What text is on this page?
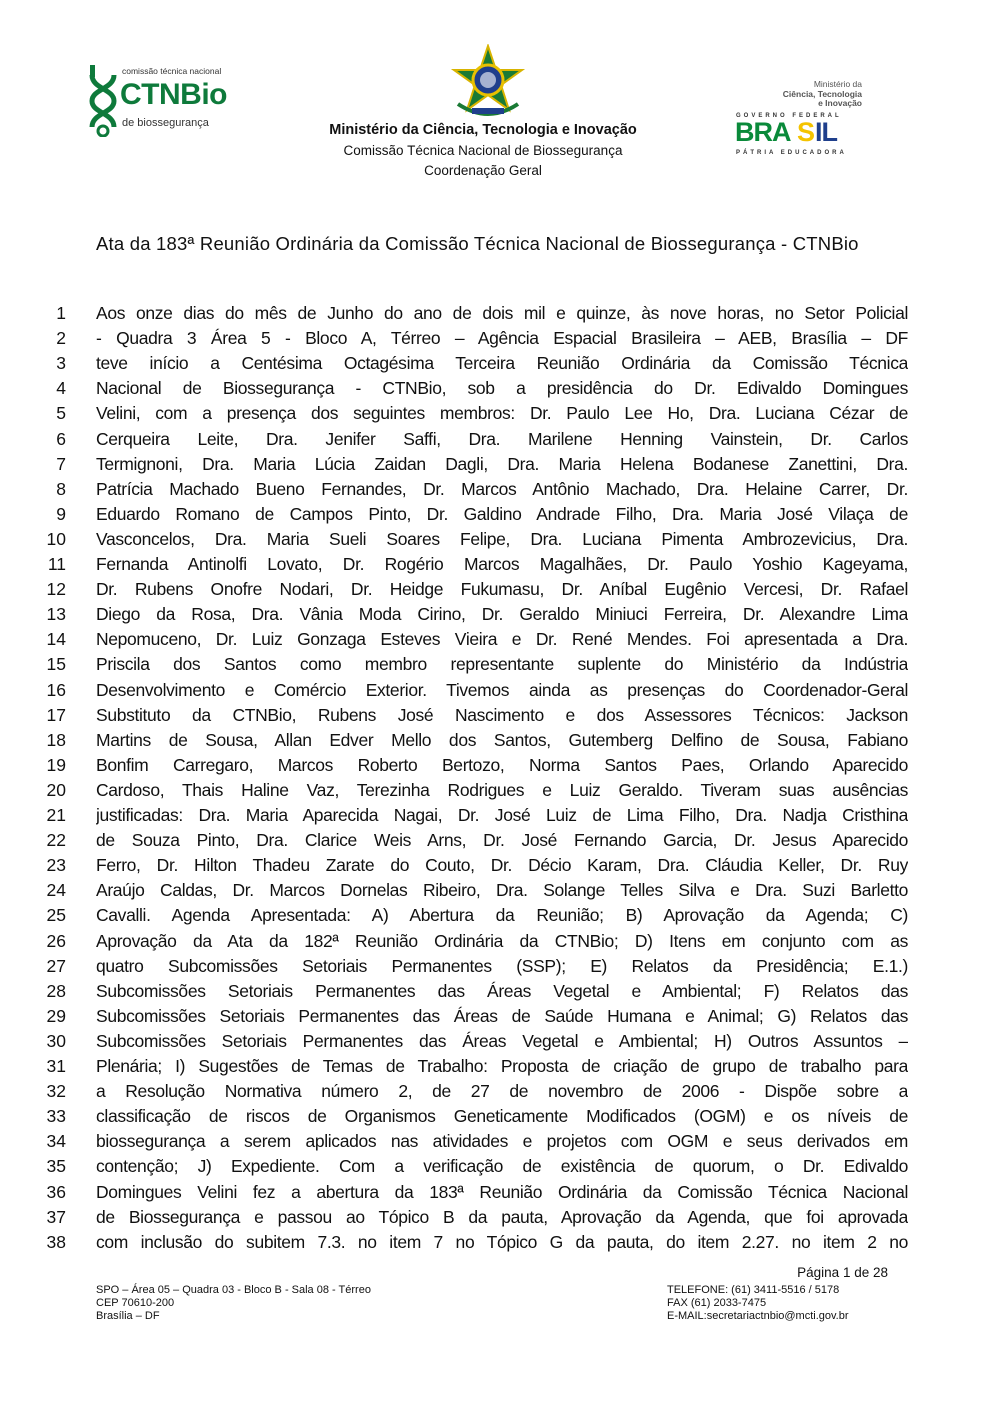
comissão técnica nacional
CTNBio
de biossegurança	Ministério da Ciência, Tecnologia e Inovação
Comissão Técnica Nacional de Biossegurança
Coordenação Geral
Ministério da
Ciência, Tecnologia
e Inovação
GOVERNO FEDERAL
BRA S IL
PÁTRIA EDUCADORA
Ata da 183ª Reunião Ordinária da Comissão Técnica Nacional de Biossegurança - CTNBio
1 Aos onze dias do mês de Junho do ano de dois mil e quinze, às nove horas, no Setor Policial
2 - Quadra 3 Área 5 - Bloco A, Térreo – Agência Espacial Brasileira – AEB, Brasília – DF
3 teve início a Centésima Octagésima Terceira Reunião Ordinária da Comissão Técnica
4 Nacional de Biossegurança - CTNBio, sob a presidência do Dr. Edivaldo Domingues
5 Velini, com a presença dos seguintes membros: Dr. Paulo Lee Ho, Dra. Luciana Cézar de
6 Cerqueira Leite, Dra. Jenifer Saffi, Dra. Marilene Henning Vainstein, Dr. Carlos
7 Termignoni, Dra. Maria Lúcia Zaidan Dagli, Dra. Maria Helena Bodanese Zanettini, Dra.
8 Patrícia Machado Bueno Fernandes, Dr. Marcos Antônio Machado, Dra. Helaine Carrer, Dr.
9 Eduardo Romano de Campos Pinto, Dr. Galdino Andrade Filho, Dra. Maria José Vilaça de
10 Vasconcelos, Dra. Maria Sueli Soares Felipe, Dra. Luciana Pimenta Ambrozevicius, Dra.
11 Fernanda Antinolfi Lovato, Dr. Rogério Marcos Magalhães, Dr. Paulo Yoshio Kageyama,
12 Dr. Rubens Onofre Nodari, Dr. Heidge Fukumasu, Dr. Aníbal Eugênio Vercesi, Dr. Rafael
13 Diego da Rosa, Dra. Vânia Moda Cirino, Dr. Geraldo Miniuci Ferreira, Dr. Alexandre Lima
14 Nepomuceno, Dr. Luiz Gonzaga Esteves Vieira e Dr. René Mendes. Foi apresentada a Dra.
15 Priscila dos Santos como membro representante suplente do Ministério da Indústria
16 Desenvolvimento e Comércio Exterior. Tivemos ainda as presenças do Coordenador-Geral
17 Substituto da CTNBio, Rubens José Nascimento e dos Assessores Técnicos: Jackson
18 Martins de Sousa, Allan Edver Mello dos Santos, Gutemberg Delfino de Sousa, Fabiano
19 Bonfim Carregaro, Marcos Roberto Bertozo, Norma Santos Paes, Orlando Aparecido
20 Cardoso, Thais Haline Vaz, Terezinha Rodrigues e Luiz Geraldo. Tiveram suas ausências
21 justificadas: Dra. Maria Aparecida Nagai, Dr. José Luiz de Lima Filho, Dra. Nadja Cristhina
22 de Souza Pinto, Dra. Clarice Weis Arns, Dr. José Fernando Garcia, Dr. Jesus Aparecido
23 Ferro, Dr. Hilton Thadeu Zarate do Couto, Dr. Décio Karam, Dra. Cláudia Keller, Dr. Ruy
24 Araújo Caldas, Dr. Marcos Dornelas Ribeiro, Dra. Solange Telles Silva e Dra. Suzi Barletto
25 Cavalli. Agenda Apresentada: A) Abertura da Reunião; B) Aprovação da Agenda; C)
26 Aprovação da Ata da 182ª Reunião Ordinária da CTNBio; D) Itens em conjunto com as
27 quatro Subcomissões Setoriais Permanentes (SSP); E) Relatos da Presidência; E.1.)
28 Subcomissões Setoriais Permanentes das Áreas Vegetal e Ambiental; F) Relatos das
29 Subcomissões Setoriais Permanentes das Áreas de Saúde Humana e Animal; G) Relatos das
30 Subcomissões Setoriais Permanentes das Áreas Vegetal e Ambiental; H) Outros Assuntos –
31 Plenária; I) Sugestões de Temas de Trabalho: Proposta de criação de grupo de trabalho para
32 a Resolução Normativa número 2, de 27 de novembro de 2006 - Dispõe sobre a
33 classificação de riscos de Organismos Geneticamente Modificados (OGM) e os níveis de
34 biossegurança a serem aplicados nas atividades e projetos com OGM e seus derivados em
35 contenção; J) Expediente. Com a verificação de existência de quorum, o Dr. Edivaldo
36 Domingues Velini fez a abertura da 183ª Reunião Ordinária da Comissão Técnica Nacional
37 de Biossegurança e passou ao Tópico B da pauta, Aprovação da Agenda, que foi aprovada
38 com inclusão do subitem 7.3. no item 7 no Tópico G da pauta, do item 2.27. no item 2 no
Página 1 de 28
SPO – Área 05 – Quadra 03 - Bloco B - Sala 08 - Térreo
CEP 70610-200
Brasília – DF
TELEFONE: (61) 3411-5516 / 5178
FAX (61) 2033-7475
E-MAIL:secretariactnbio@mcti.gov.br
